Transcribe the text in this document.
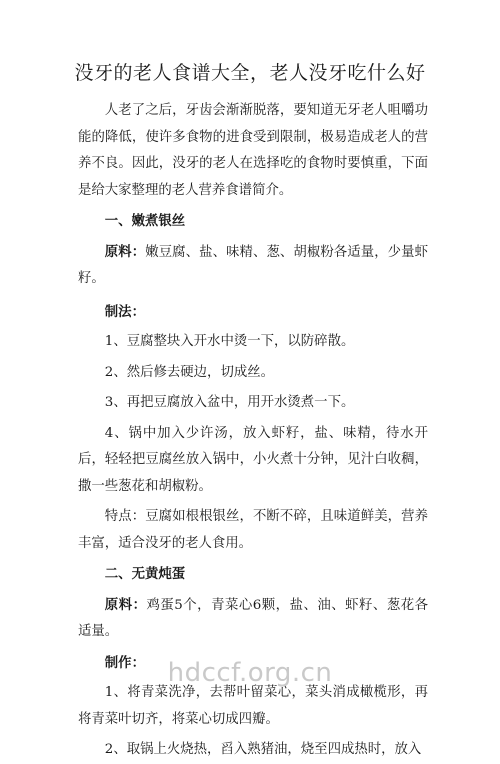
没牙的老人食谱大全，老人没牙吃什么好

人老了之后，牙齿会渐渐脱落，要知道无牙老人咀嚼功能的降低，使许多食物的进食受到限制，极易造成老人的营养不良。因此，没牙的老人在选择吃的食物时要慎重，下面是给大家整理的老人营养食谱简介。

一、嫩煮银丝

原料：嫩豆腐、盐、味精、葱、胡椒粉各适量，少量虾籽。

制法：

1、豆腐整块入开水中烫一下，以防碎散。

2、然后修去硬边，切成丝。

3、再把豆腐放入盆中，用开水烫煮一下。

4、锅中加入少许汤，放入虾籽，盐、味精，待水开后，轻轻把豆腐丝放入锅中，小火煮十分钟，见汁白收稠，撒一些葱花和胡椒粉。

特点：豆腐如根根银丝，不断不碎，且味道鲜美，营养丰富，适合没牙的老人食用。

二、无黄炖蛋

原料：鸡蛋5个，青菜心6颗，盐、油、虾籽、葱花各适量。

制作：

1、将青菜洗净，去帮叶留菜心，菜头消成橄榄形，再将青菜叶切齐，将菜心切成四瓣。

2、取锅上火烧热，舀入熟猪油，烧至四成热时，放入

hdccf.org.cn
